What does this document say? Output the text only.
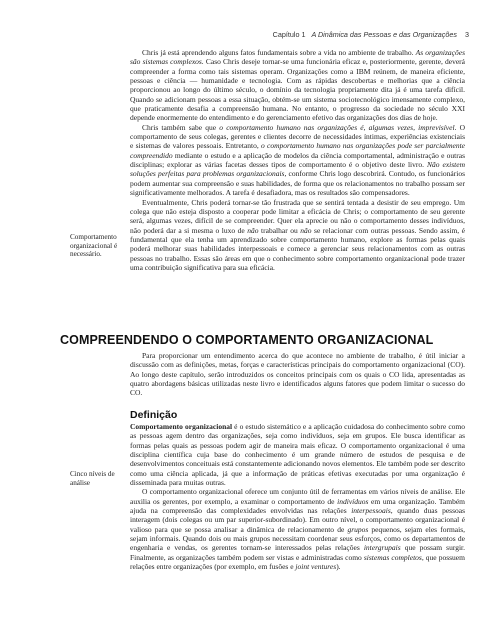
Capítulo 1 A Dinâmica das Pessoas e das Organizações 3

Chris já está aprendendo alguns fatos fundamentais sobre a vida no ambiente de trabalho. As organizações são sistemas complexos. Caso Chris deseje tornar-se uma funcionária eficaz e, posteriormente, gerente, deverá compreender a forma como tais sistemas operam. Organizações como a IBM reúnem, de maneira eficiente, pessoas e ciência — humanidade e tecnologia. Com as rápidas descobertas e melhorias que a ciência proporcionou ao longo do último século, o domínio da tecnologia propriamente dita já é uma tarefa difícil. Quando se adicionam pessoas a essa situação, obtém-se um sistema sociotecnológico imensamente complexo, que praticamente desafia a compreensão humana. No entanto, o progresso da sociedade no século XXI depende enormemente do entendimento e do gerenciamento efetivo das organizações dos dias de hoje.

Chris também sabe que o comportamento humano nas organizações é, algumas vezes, imprevisível. O comportamento de seus colegas, gerentes e clientes decorre de necessidades íntimas, experiências existenciais e sistemas de valores pessoais. Entretanto, o comportamento humano nas organizações pode ser parcialmente compreendido mediante o estudo e a aplicação de modelos da ciência comportamental, administração e outras disciplinas; explorar as várias facetas desses tipos de comportamento é o objetivo deste livro. Não existem soluções perfeitas para problemas organizacionais, conforme Chris logo descobrirá. Contudo, os funcionários podem aumentar sua compreensão e suas habilidades, de forma que os relacionamentos no trabalho possam ser significativamente melhorados. A tarefa é desafiadora, mas os resultados são compensadores.

Eventualmente, Chris poderá tornar-se tão frustrada que se sentirá tentada a desistir de seu emprego. Um colega que não esteja disposto a cooperar pode limitar a eficácia de Chris; o comportamento de seu gerente será, algumas vezes, difícil de se compreender. Quer ela aprecie ou não o comportamento desses indivíduos, não poderá dar a si mesma o luxo de não trabalhar ou não se relacionar com outras pessoas. Sendo assim, é fundamental que ela tenha um aprendizado sobre comportamento humano, explore as formas pelas quais poderá melhorar suas habilidades interpessoais e comece a gerenciar seus relacionamentos com as outras pessoas no trabalho. Essas são áreas em que o conhecimento sobre comportamento organizacional pode trazer uma contribuição significativa para sua eficácia.

Comportamento organizacional é necessário.
COMPREENDENDO O COMPORTAMENTO ORGANIZACIONAL

Para proporcionar um entendimento acerca do que acontece no ambiente de trabalho, é útil iniciar a discussão com as definições, metas, forças e características principais do comportamento organizacional (CO). Ao longo deste capítulo, serão introduzidos os conceitos principais com os quais o CO lida, apresentadas as quatro abordagens básicas utilizadas neste livro e identificados alguns fatores que podem limitar o sucesso do CO.

Definição

Comportamento organizacional é o estudo sistemático e a aplicação cuidadosa do conhecimento sobre como as pessoas agem dentro das organizações, seja como indivíduos, seja em grupos. Ele busca identificar as formas pelas quais as pessoas podem agir de maneira mais eficaz. O comportamento organizacional é uma disciplina científica cuja base do conhecimento é um grande número de estudos de pesquisa e de desenvolvimentos conceituais está constantemente adicionando novos elementos. Ele também pode ser descrito como uma ciência aplicada, já que a informação de práticas efetivas executadas por uma organização é disseminada para muitas outras.

O comportamento organizacional oferece um conjunto útil de ferramentas em vários níveis de análise. Ele auxilia os gerentes, por exemplo, a examinar o comportamento de indivíduos em uma organização. Também ajuda na compreensão das complexidades envolvidas nas relações interpessoais, quando duas pessoas interagem (dois colegas ou um par superior-subordinado). Em outro nível, o comportamento organizacional é valioso para que se possa analisar a dinâmica de relacionamento de grupos pequenos, sejam eles formais, sejam informais. Quando dois ou mais grupos necessitam coordenar seus esforços, como os departamentos de engenharia e vendas, os gerentes tornam-se interessados pelas relações intergrupais que possam surgir. Finalmente, as organizações também podem ser vistas e administradas como sistemas completos, que possuem relações entre organizações (por exemplo, em fusões e joint ventures).

Cinco níveis de análise
